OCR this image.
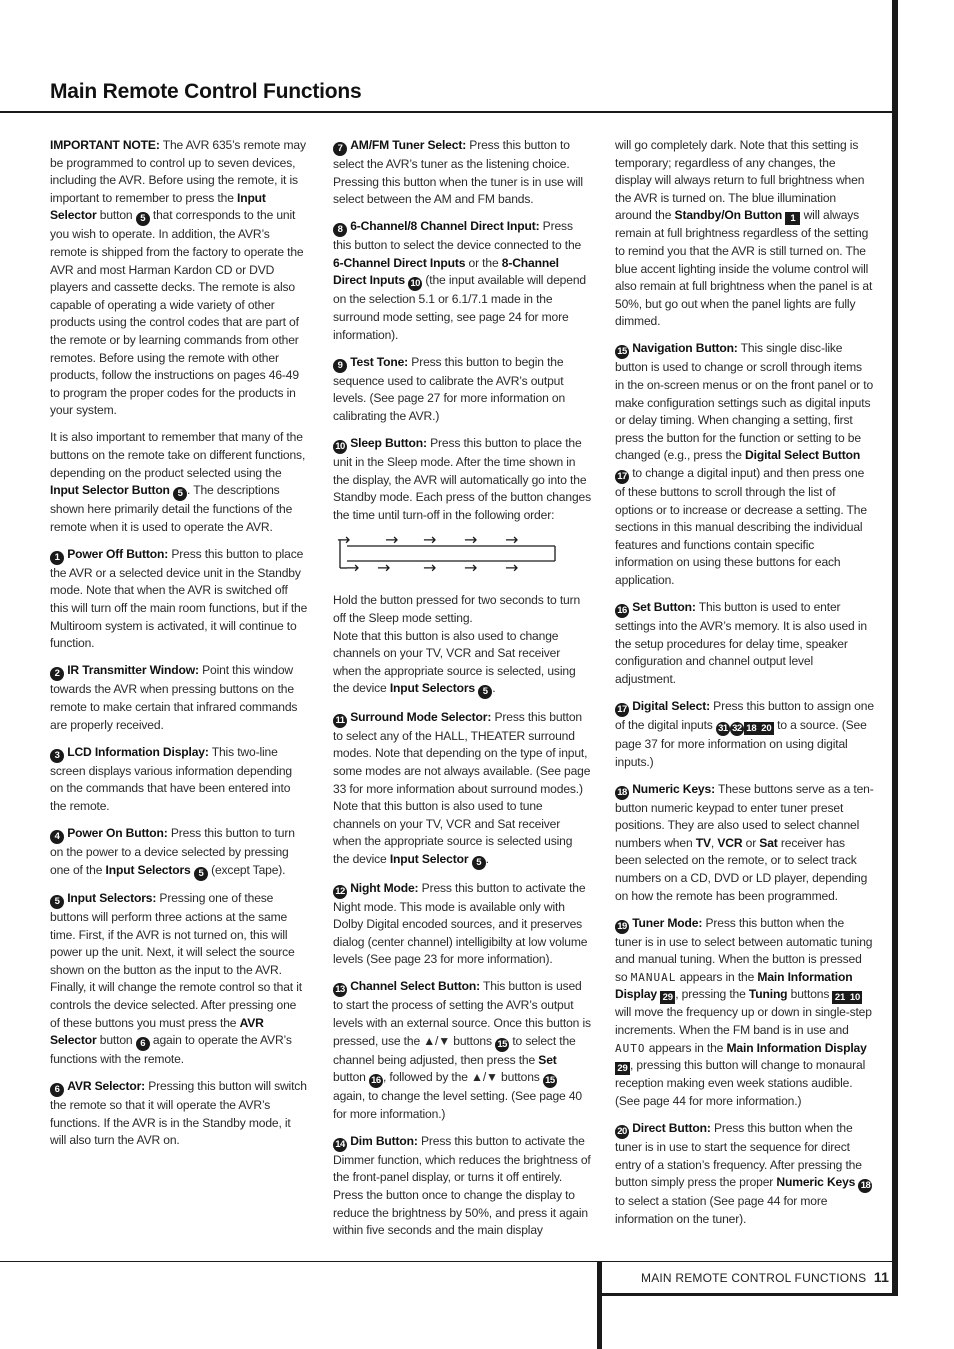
Main Remote Control Functions

IMPORTANT NOTE: The AVR 635’s remote may be programmed to control up to seven devices, including the AVR. Before using the remote, it is important to remember to press the Input Selector button 5 that corresponds to the unit you wish to operate. In addition, the AVR’s remote is shipped from the factory to operate the AVR and most Harman Kardon CD or DVD players and cassette decks. The remote is also capable of operating a wide variety of other products using the control codes that are part of the remote or by learning commands from other remotes. Before using the remote with other products, follow the instructions on pages 46-49 to program the proper codes for the products in your system.

It is also important to remember that many of the buttons on the remote take on different functions, depending on the product selected using the Input Selector Button 5 . The descriptions shown here primarily detail the functions of the remote when it is used to operate the AVR.

1 Power Off Button: Press this button to place the AVR or a selected device unit in the Standby mode. Note that when the AVR is switched off this will turn off the main room functions, but if the Multiroom system is activated, it will continue to function.

2 IR Transmitter Window: Point this window towards the AVR when pressing buttons on the remote to make certain that infrared commands are properly received.

3 LCD Information Display: This two-line screen displays various information depending on the commands that have been entered into the remote.

4 Power On Button: Press this button to turn on the power to a device selected by pressing one of the Input Selectors 5 (except Tape).

5 Input Selectors: Pressing one of these buttons will perform three actions at the same time. First, if the AVR is not turned on, this will power up the unit. Next, it will select the source shown on the button as the input to the AVR. Finally, it will change the remote control so that it controls the device selected. After pressing one of these buttons you must press the AVR Selector button 6 again to operate the AVR’s functions with the remote.

6 AVR Selector: Pressing this button will switch the remote so that it will operate the AVR’s functions. If the AVR is in the Standby mode, it will also turn the AVR on.

7 AM/FM Tuner Select: Press this button to select the AVR’s tuner as the listening choice. Pressing this button when the tuner is in use will select between the AM and FM bands.

8 6-Channel/8 Channel Direct Input: Press this button to select the device connected to the 6-Channel Direct Inputs or the 8-Channel Direct Inputs 10 (the input available will depend on the selection 5.1 or 6.1/7.1 made in the surround mode setting, see page 24 for more information).

9 Test Tone: Press this button to begin the sequence used to calibrate the AVR’s output levels. (See page 27 for more information on calibrating the AVR.)

10 Sleep Button: Press this button to place the unit in the Sleep mode. After the time shown in the display, the AVR will automatically go into the Standby mode. Each press of the button changes the time until turn-off in the following order:

→ → → → →
→ → → → →

Hold the button pressed for two seconds to turn off the Sleep mode setting.

Note that this button is also used to change channels on your TV, VCR and Sat receiver when the appropriate source is selected, using the device Input Selectors 5 .

11 Surround Mode Selector: Press this button to select any of the HALL, THEATER surround modes. Note that depending on the type of input, some modes are not always available. (See page 33 for more information about surround modes.) Note that this button is also used to tune channels on your TV, VCR and Sat receiver when the appropriate source is selected using the device Input Selector 5 .

12 Night Mode: Press this button to activate the Night mode. This mode is available only with Dolby Digital encoded sources, and it preserves dialog (center channel) intelligibilty at low volume levels (See page 23 for more information).

13 Channel Select Button: This button is used to start the process of setting the AVR’s output levels with an external source. Once this button is pressed, use the ▲/▼ buttons 15 to select the channel being adjusted, then press the Set button 16 , followed by the ▲/▼ buttons 15 again, to change the level setting. (See page 40 for more information.)

14 Dim Button: Press this button to activate the Dimmer function, which reduces the brightness of the front-panel display, or turns it off entirely. Press the button once to change the display to reduce the brightness by 50%, and press it again within five seconds and the main display

will go completely dark. Note that this setting is temporary; regardless of any changes, the display will always return to full brightness when the AVR is turned on. The blue illumination around the Standby/On Button 1 will always remain at full brightness regardless of the setting to remind you that the AVR is still turned on. The blue accent lighting inside the volume control will also remain at full brightness when the panel is at 50%, but go out when the panel lights are fully dimmed.

15 Navigation Button: This single disc-like button is used to change or scroll through items in the on-screen menus or on the front panel or to make configuration settings such as digital inputs or delay timing. When changing a setting, first press the button for the function or setting to be changed (e.g., press the Digital Select Button 17 to change a digital input) and then press one of these buttons to scroll through the list of options or to increase or decrease a setting. The sections in this manual describing the individual features and functions contain specific information on using these buttons for each application.

16 Set Button: This button is used to enter settings into the AVR’s memory. It is also used in the setup procedures for delay time, speaker configuration and channel output level adjustment.

17 Digital Select: Press this button to assign one of the digital inputs 31 32 18 20 to a source. (See page 37 for more information on using digital inputs.)

18 Numeric Keys: These buttons serve as a ten-button numeric keypad to enter tuner preset positions. They are also used to select channel numbers when TV, VCR or Sat receiver has been selected on the remote, or to select track numbers on a CD, DVD or LD player, depending on how the remote has been programmed.

19 Tuner Mode: Press this button when the tuner is in use to select between automatic tuning and manual tuning. When the button is pressed so MANUAL appears in the Main Information Display 29 , pressing the Tuning buttons 21 10 will move the frequency up or down in single-step increments. When the FM band is in use and AUTO appears in the Main Information Display 29 , pressing this button will change to monaural reception making even week stations audible. (See page 44 for more information.)

20 Direct Button: Press this button when the tuner is in use to start the sequence for direct entry of a station’s frequency. After pressing the button simply press the proper Numeric Keys 18 to select a station (See page 44 for more information on the tuner).

MAIN REMOTE CONTROL FUNCTIONS 11
